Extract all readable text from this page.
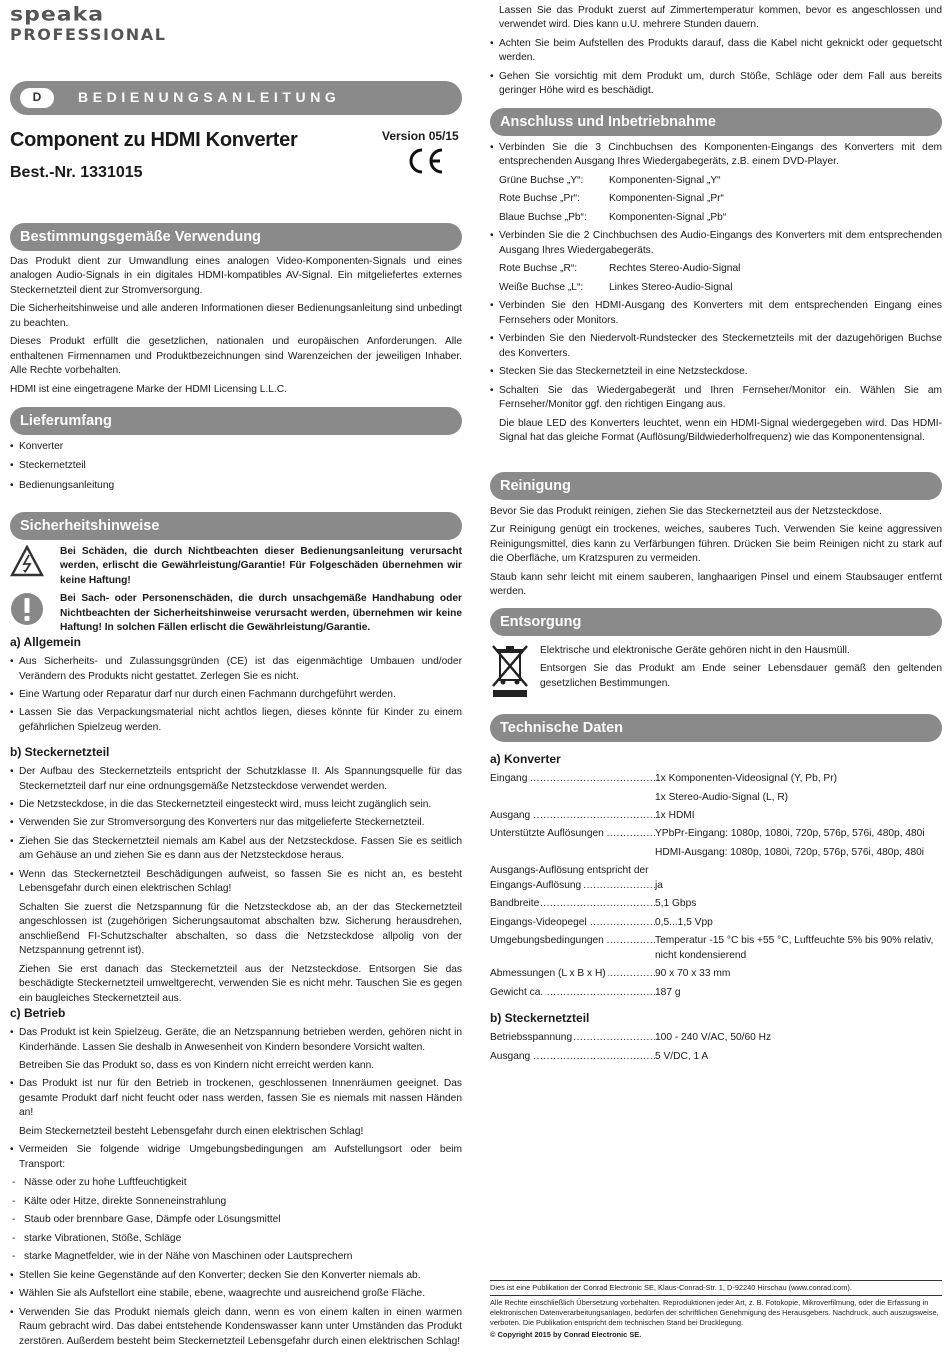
speaka
PROFESSIONAL
D	BEDIENUNGSANLEITUNG
Component zu HDMI Konverter
Best.-Nr. 1331015
Version 05/15
Bestimmungsgemäße Verwendung

Das Produkt dient zur Umwandlung eines analogen Video-Komponenten-Signals und eines analogen Audio-Signals in ein digitales HDMI-kompatibles AV-Signal. Ein mitgeliefertes externes Steckernetzteil dient zur Stromversorgung.

Die Sicherheitshinweise und alle anderen Informationen dieser Bedienungsanleitung sind unbedingt zu beachten.

Dieses Produkt erfüllt die gesetzlichen, nationalen und europäischen Anforderungen. Alle enthaltenen Firmennamen und Produktbezeichnungen sind Warenzeichen der jeweiligen Inhaber. Alle Rechte vorbehalten.

HDMI ist eine eingetragene Marke der HDMI Licensing L.L.C.

Lieferumfang
• Konverter
• Steckernetzteil
• Bedienungsanleitung
Sicherheitshinweise

Bei Schäden, die durch Nichtbeachten dieser Bedienungsanleitung verursacht werden, erlischt die Gewährleistung/Garantie! Für Folgeschäden übernehmen wir keine Haftung!

Bei Sach- oder Personenschäden, die durch unsachgemäße Handhabung oder Nichtbeachten der Sicherheitshinweise verursacht werden, übernehmen wir keine Haftung! In solchen Fällen erlischt die Gewährleistung/Garantie.

a) Allgemein
• Aus Sicherheits- und Zulassungsgründen (CE) ist das eigenmächtige Umbauen und/oder Verändern des Produkts nicht gestattet. Zerlegen Sie es nicht.
• Eine Wartung oder Reparatur darf nur durch einen Fachmann durchgeführt werden.
• Lassen Sie das Verpackungsmaterial nicht achtlos liegen, dieses könnte für Kinder zu einem gefährlichen Spielzeug werden.
b) Steckernetzteil
• Der Aufbau des Steckernetzteils entspricht der Schutzklasse II. Als Spannungsquelle für das Steckernetzteil darf nur eine ordnungsgemäße Netzsteckdose verwendet werden.
• Die Netzsteckdose, in die das Steckernetzteil eingesteckt wird, muss leicht zugänglich sein.
• Verwenden Sie zur Stromversorgung des Konverters nur das mitgelieferte Steckernetzteil.
• Ziehen Sie das Steckernetzteil niemals am Kabel aus der Netzsteckdose. Fassen Sie es seitlich am Gehäuse an und ziehen Sie es dann aus der Netzsteckdose heraus.
• Wenn das Steckernetzteil Beschädigungen aufweist, so fassen Sie es nicht an, es besteht Lebensgefahr durch einen elektrischen Schlag!

Schalten Sie zuerst die Netzspannung für die Netzsteckdose ab, an der das Steckernetzteil angeschlossen ist (zugehörigen Sicherungsautomat abschalten bzw. Sicherung herausdrehen, anschließend FI-Schutzschalter abschalten, so dass die Netzsteckdose allpolig von der Netzspannung getrennt ist).

Ziehen Sie erst danach das Steckernetzteil aus der Netzsteckdose. Entsorgen Sie das beschädigte Steckernetzteil umweltgerecht, verwenden Sie es nicht mehr. Tauschen Sie es gegen ein baugleiches Steckernetzteil aus.

c) Betrieb
• Das Produkt ist kein Spielzeug. Geräte, die an Netzspannung betrieben werden, gehören nicht in Kinderhände. Lassen Sie deshalb in Anwesenheit von Kindern besondere Vorsicht walten.

Betreiben Sie das Produkt so, dass es von Kindern nicht erreicht werden kann.

• Das Produkt ist nur für den Betrieb in trockenen, geschlossenen Innenräumen geeignet. Das gesamte Produkt darf nicht feucht oder nass werden, fassen Sie es niemals mit nassen Händen an!

Beim Steckernetzteil besteht Lebensgefahr durch einen elektrischen Schlag!

• Vermeiden Sie folgende widrige Umgebungsbedingungen am Aufstellungsort oder beim Transport:
- Nässe oder zu hohe Luftfeuchtigkeit
- Kälte oder Hitze, direkte Sonneneinstrahlung
- Staub oder brennbare Gase, Dämpfe oder Lösungsmittel
- starke Vibrationen, Stöße, Schläge
- starke Magnetfelder, wie in der Nähe von Maschinen oder Lautsprechern
• Stellen Sie keine Gegenstände auf den Konverter; decken Sie den Konverter niemals ab.
• Wählen Sie als Aufstellort eine stabile, ebene, waagrechte und ausreichend große Fläche.
• Verwenden Sie das Produkt niemals gleich dann, wenn es von einem kalten in einen warmen Raum gebracht wird. Das dabei entstehende Kondenswasser kann unter Umständen das Produkt zerstören. Außerdem besteht beim Steckernetzteil Lebensgefahr durch einen elektrischen Schlag!

Lassen Sie das Produkt zuerst auf Zimmertemperatur kommen, bevor es angeschlossen und verwendet wird. Dies kann u.U. mehrere Stunden dauern.

• Achten Sie beim Aufstellen des Produkts darauf, dass die Kabel nicht geknickt oder gequetscht werden.
• Gehen Sie vorsichtig mit dem Produkt um, durch Stöße, Schläge oder dem Fall aus bereits geringer Höhe wird es beschädigt.
Anschluss und Inbetriebnahme
• Verbinden Sie die 3 Cinchbuchsen des Komponenten-Eingangs des Konverters mit dem entsprechenden Ausgang Ihres Wiedergabegeräts, z.B. einem DVD-Player.
Grüne Buchse „Y“:	Komponenten-Signal „Y“
Rote Buchse „Pr“:	Komponenten-Signal „Pr“
Blaue Buchse „Pb“:	Komponenten-Signal „Pb“
• Verbinden Sie die 2 Cinchbuchsen des Audio-Eingangs des Konverters mit dem entsprechenden Ausgang Ihres Wiedergabegeräts.
Rote Buchse „R“:	Rechtes Stereo-Audio-Signal
Weiße Buchse „L“:	Linkes Stereo-Audio-Signal
• Verbinden Sie den HDMI-Ausgang des Konverters mit dem entsprechenden Eingang eines Fernsehers oder Monitors.
• Verbinden Sie den Niedervolt-Rundstecker des Steckernetzteils mit der dazugehörigen Buchse des Konverters.
• Stecken Sie das Steckernetzteil in eine Netzsteckdose.
• Schalten Sie das Wiedergabegerät und Ihren Fernseher/Monitor ein. Wählen Sie am Fernseher/Monitor ggf. den richtigen Eingang aus.

Die blaue LED des Konverters leuchtet, wenn ein HDMI-Signal wiedergegeben wird. Das HDMI-Signal hat das gleiche Format (Auflösung/Bildwiederholfrequenz) wie das Komponentensignal.

Reinigung

Bevor Sie das Produkt reinigen, ziehen Sie das Steckernetzteil aus der Netzsteckdose.

Zur Reinigung genügt ein trockenes, weiches, sauberes Tuch. Verwenden Sie keine aggressiven Reinigungsmittel, dies kann zu Verfärbungen führen. Drücken Sie beim Reinigen nicht zu stark auf die Oberfläche, um Kratzspuren zu vermeiden.

Staub kann sehr leicht mit einem sauberen, langhaarigen Pinsel und einem Staubsauger entfernt werden.

Entsorgung

Elektrische und elektronische Geräte gehören nicht in den Hausmüll.

Entsorgen Sie das Produkt am Ende seiner Lebensdauer gemäß den geltenden gesetzlichen Bestimmungen.

Technische Daten
a) Konverter
Eingang .....	1x Komponenten-Videosignal (Y, Pb, Pr)
1x Stereo-Audio-Signal (L, R)
Ausgang .....	1x HDMI
Unterstützte Auflösungen .....	YPbPr-Eingang: 1080p, 1080i, 720p, 576p, 576i, 480p, 480i
HDMI-Ausgang: 1080p, 1080i, 720p, 576p, 576i, 480p, 480i
Ausgangs-Auflösung entspricht der
Eingangs-Auflösung .....	ja
Bandbreite .....	5,1 Gbps
Eingangs-Videopegel .....	0,5...1,5 Vpp
Umgebungsbedingungen .....	Temperatur -15 °C bis +55 °C, Luftfeuchte 5% bis 90% relativ, nicht kondensierend
Abmessungen (L x B x H) .....	90 x 70 x 33 mm
Gewicht ca. .....	187 g
b) Steckernetzteil
Betriebsspannung .....	100 - 240 V/AC, 50/60 Hz
Ausgang .....	5 V/DC, 1 A

Dies ist eine Publikation der Conrad Electronic SE, Klaus-Conrad-Str. 1, D-92240 Hirschau (www.conrad.com).

Alle Rechte einschließlich Übersetzung vorbehalten. Reproduktionen jeder Art, z. B. Fotokopie, Mikroverfilmung, oder die Erfassung in elektronischen Datenverarbeitungsanlagen, bedürfen der schriftlichen Genehmigung des Herausgebers. Nachdruck, auch auszugsweise, verboten. Die Publikation entspricht dem technischen Stand bei Drucklegung.

© Copyright 2015 by Conrad Electronic SE.
